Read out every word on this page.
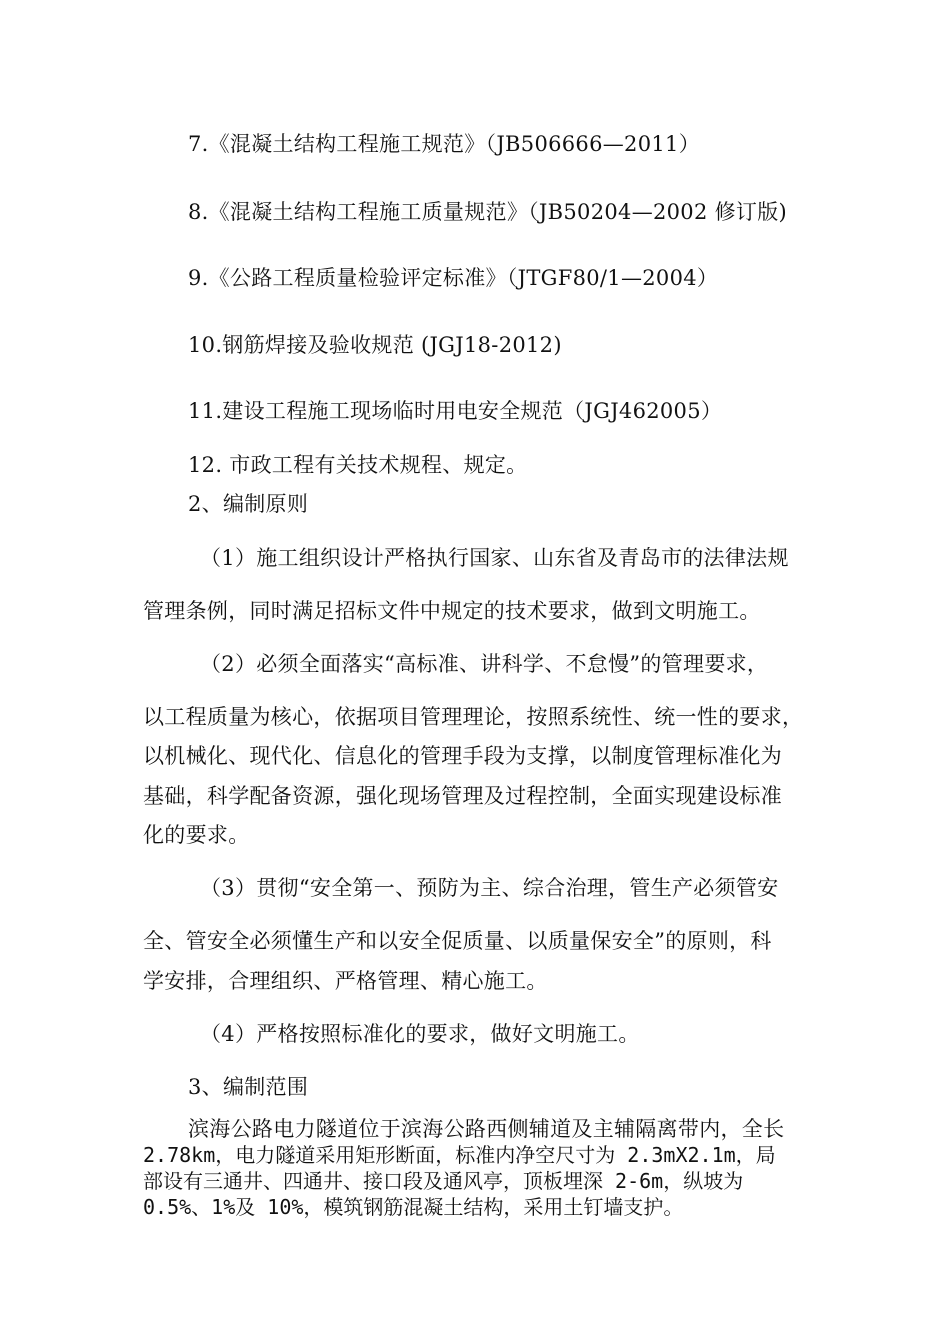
7.《混凝土结构工程施工规范》（JB506666—2011）
8.《混凝土结构工程施工质量规范》（JB50204—2002 修订版)
9.《公路工程质量检验评定标准》（JTGF80/1—2004）
10.钢筋焊接及验收规范 (JGJ18-2012)
11.建设工程施工现场临时用电安全规范（JGJ462005）
12. 市政工程有关技术规程、规定。
2、编制原则
（1）施工组织设计严格执行国家、山东省及青岛市的法律法规
管理条例，同时满足招标文件中规定的技术要求，做到文明施工。
（2）必须全面落实“高标准、讲科学、不怠慢”的管理要求，
以工程质量为核心，依据项目管理理论，按照系统性、统一性的要求，
以机械化、现代化、信息化的管理手段为支撑，以制度管理标准化为
基础，科学配备资源，强化现场管理及过程控制，全面实现建设标准
化的要求。
（3）贯彻“安全第一、预防为主、综合治理，管生产必须管安
全、管安全必须懂生产和以安全促质量、以质量保安全”的原则，科
学安排，合理组织、严格管理、精心施工。
（4）严格按照标准化的要求，做好文明施工。
3、编制范围
滨海公路电力隧道位于滨海公路西侧辅道及主辅隔离带内，全长
2.78km，电力隧道采用矩形断面，标准内净空尺寸为 2.3mX2.1m，局
部设有三通井、四通井、接口段及通风亭，顶板埋深 2-6m，纵坡为
0.5%、1%及 10%，模筑钢筋混凝土结构，采用土钉墙支护。
